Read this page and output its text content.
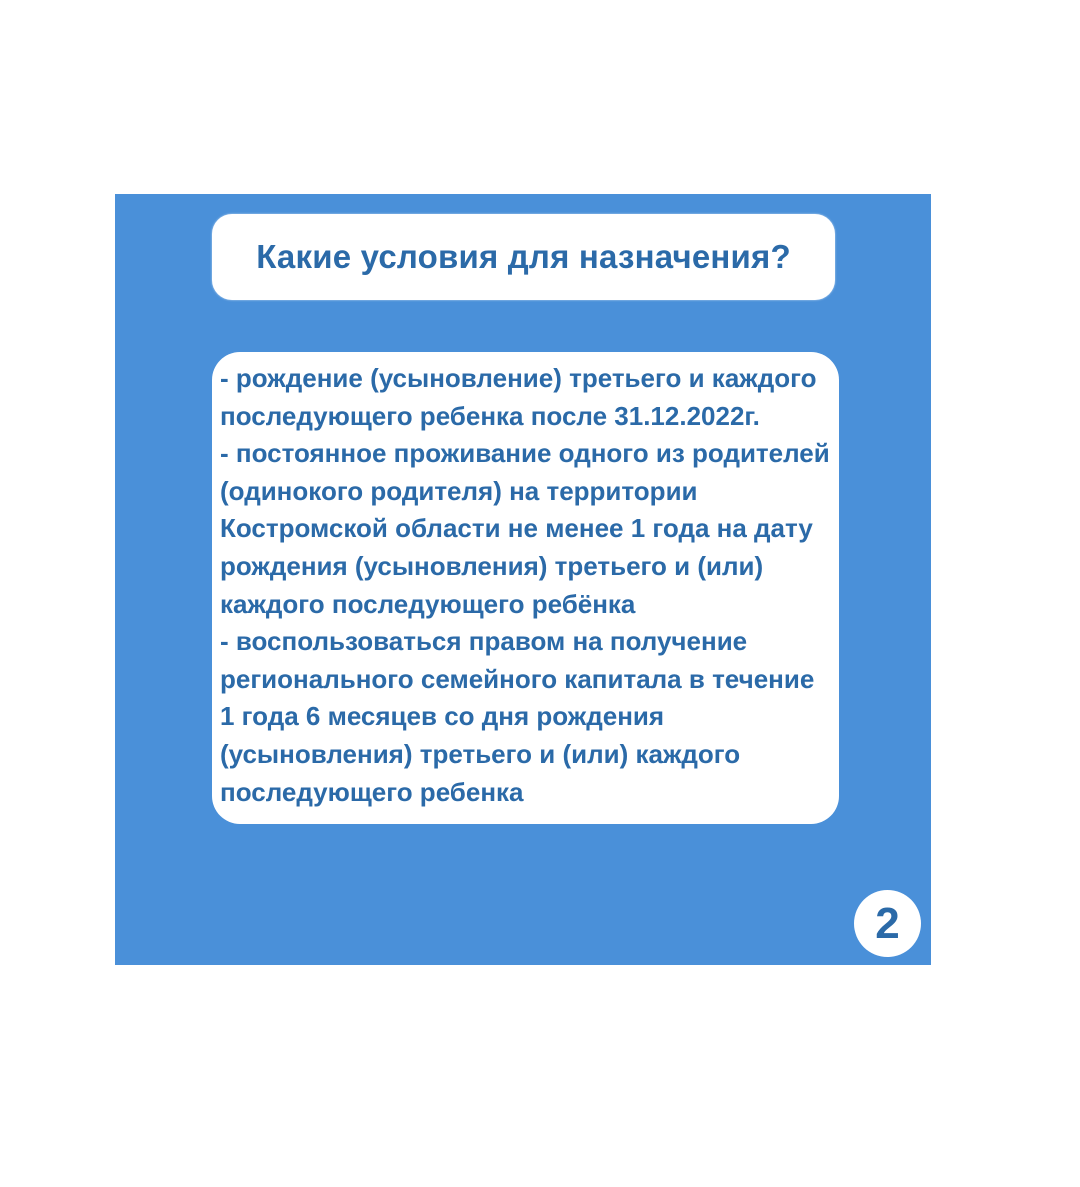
Какие условия для назначения?

- рождение (усыновление) третьего и каждого

последующего ребенка после 31.12.2022г.

- постоянное проживание одного из родителей

(одинокого родителя) на территории

Костромской области не менее 1 года на дату

рождения (усыновления) третьего и (или)

каждого последующего ребёнка

- воспользоваться правом на получение

регионального семейного капитала в течение

1 года 6 месяцев со дня рождения

(усыновления) третьего и (или) каждого

последующего ребенка

2
